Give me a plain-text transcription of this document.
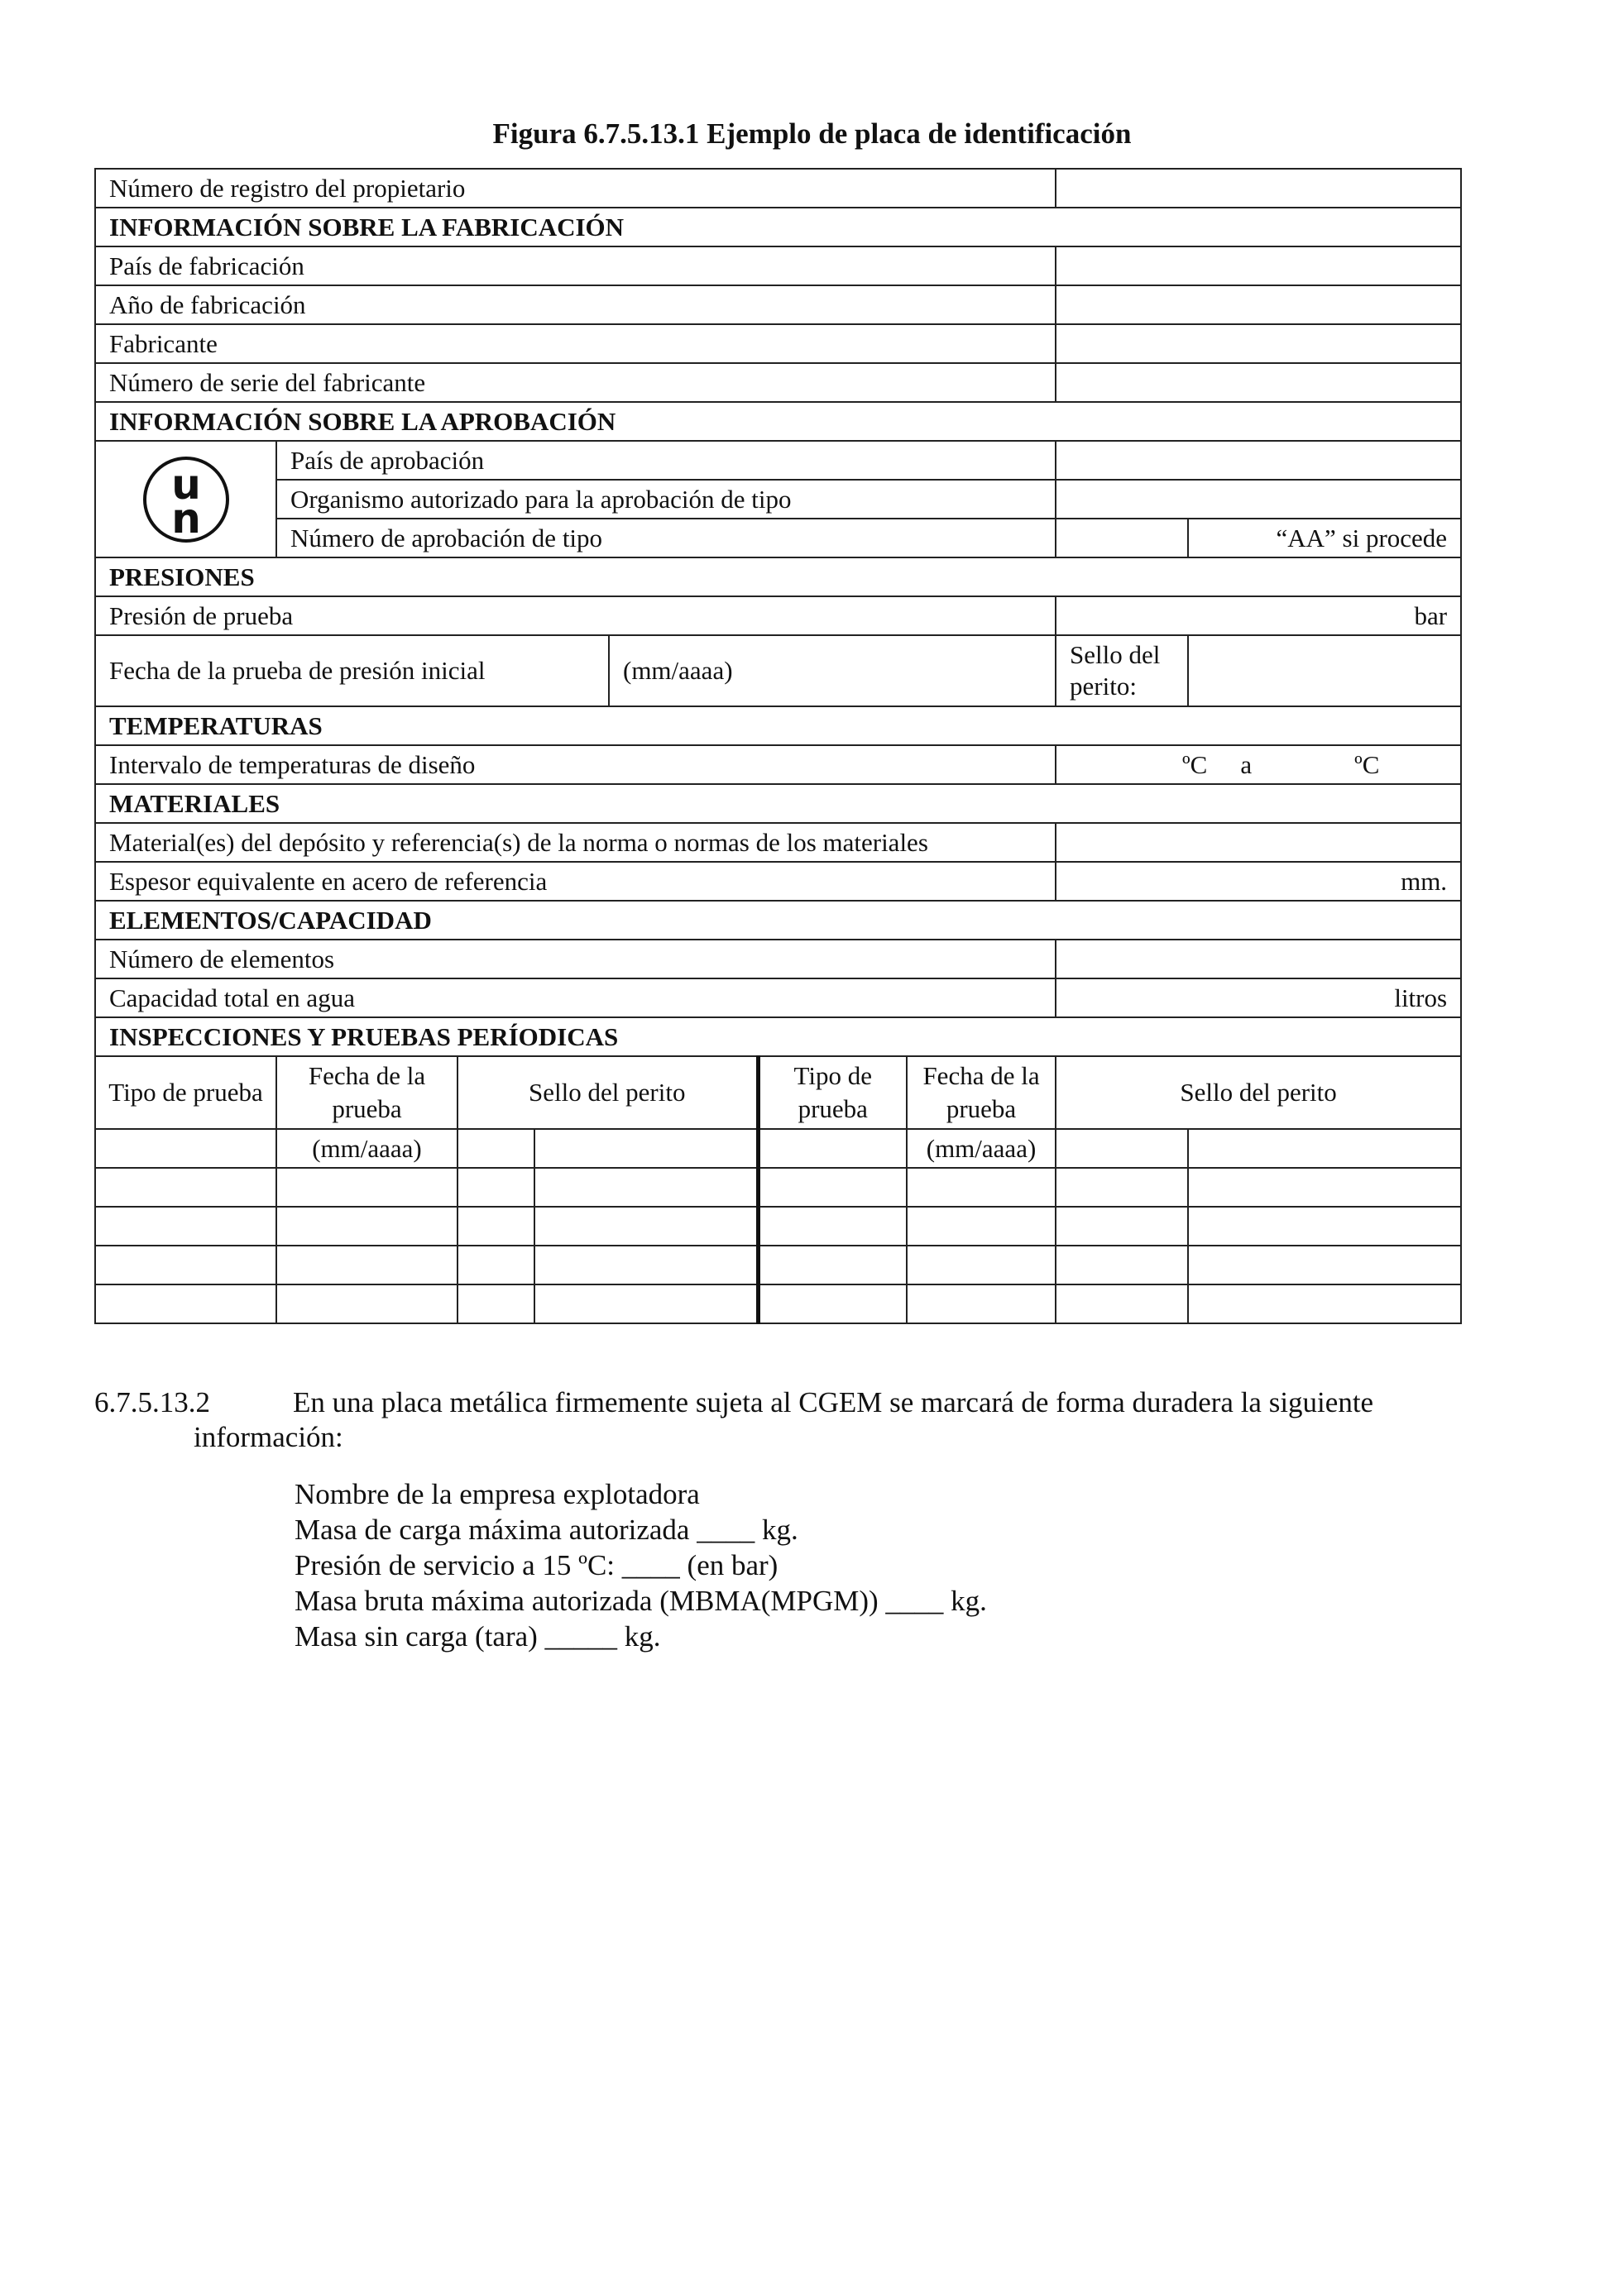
Figura 6.7.5.13.1 Ejemplo de placa de identificación
Número de registro del propietario								
INFORMACIÓN SOBRE LA FABRICACIÓN								
País de fabricación								
Año de fabricación								
Fabricante								
Número de serie del fabricante								
INFORMACIÓN SOBRE LA APROBACIÓN								

u
n	País de aprobación							
	Organismo autorizado para la aprobación de tipo							
	Número de aprobación de tipo							“AA” si procede
PRESIONES								
Presión de prueba							bar	
Fecha de la prueba de presión inicial				(mm/aaaa)			Sello del perito:	
TEMPERATURAS								
Intervalo de temperaturas de diseño							ºC a ºC	
MATERIALES								
Material(es) del depósito y referencia(s) de la norma o normas de los materiales								
Espesor equivalente en acero de referencia							mm.	
ELEMENTOS/CAPACIDAD								
Número de elementos								
Capacidad total en agua							litros	
INSPECCIONES Y PRUEBAS PERÍODICAS								
Tipo de prueba	Fecha de la prueba	Sello del perito			Tipo de prueba	Fecha de la prueba	Sello del perito	
	(mm/aaaa)					(mm/aaaa)		

6.7.5.13.2	En una placa metálica firmemente sujeta al CGEM se marcará de forma duradera la siguiente
información:
Nombre de la empresa explotadora
Masa de carga máxima autorizada ____ kg.
Presión de servicio a 15 ºC: ____ (en bar)
Masa bruta máxima autorizada (MBMA(MPGM)) ____ kg.
Masa sin carga (tara) _____ kg.
